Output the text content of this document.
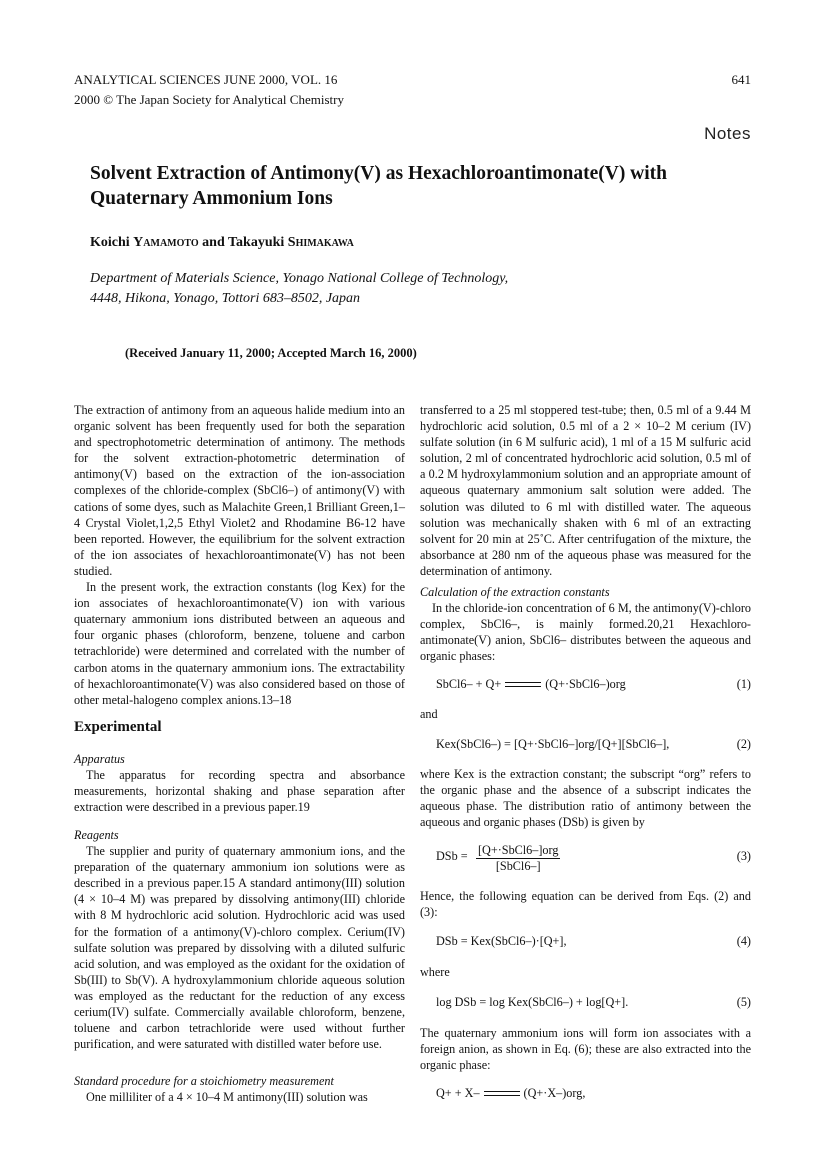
ANALYTICAL SCIENCES JUNE 2000, VOL. 16
2000 © The Japan Society for Analytical Chemistry
641
Notes
Solvent Extraction of Antimony(V) as Hexachloroantimonate(V) with
Quaternary Ammonium Ions
Koichi Yamamoto and Takayuki Shimakawa
Department of Materials Science, Yonago National College of Technology,
4448, Hikona, Yonago, Tottori 683–8502, Japan
(Received January 11, 2000; Accepted March 16, 2000)

The extraction of antimony from an aqueous halide medium into an organic solvent has been frequently used for both the separation and spectrophotometric determination of antimony. The methods for the solvent extraction-photometric determination of antimony(V) based on the extraction of the ion-association complexes of the chloride-complex (SbCl6–) of antimony(V) with cations of some dyes, such as Malachite Green,1 Brilliant Green,1–4 Crystal Violet,1,2,5 Ethyl Violet2 and Rhodamine B6-12 have been reported. However, the equilibrium for the solvent extraction of the ion associates of hexachloroantimonate(V) has not been studied.

In the present work, the extraction constants (log Kex) for the ion associates of hexachloroantimonate(V) ion with various quaternary ammonium ions distributed between an aqueous and four organic phases (chloroform, benzene, toluene and carbon tetrachloride) were determined and correlated with the number of carbon atoms in the quaternary ammonium ions. The extractability of hexachloroantimonate(V) was also considered based on those of other metal-halogeno complex anions.13–18

Experimental

Apparatus

The apparatus for recording spectra and absorbance measurements, horizontal shaking and phase separation after extraction were described in a previous paper.19

Reagents

The supplier and purity of quaternary ammonium ions, and the preparation of the quaternary ammonium ion solutions were as described in a previous paper.15 A standard antimony(III) solution (4 × 10–4 M) was prepared by dissolving antimony(III) chloride with 8 M hydrochloric acid solution. Hydrochloric acid was used for the formation of a antimony(V)-chloro complex. Cerium(IV) sulfate solution was prepared by dissolving with a diluted sulfuric acid solution, and was employed as the oxidant for the oxidation of Sb(III) to Sb(V). A hydroxylammonium chloride aqueous solution was employed as the reductant for the reduction of any excess cerium(IV) sulfate. Commercially available chloroform, benzene, toluene and carbon tetrachloride were used without further purification, and were saturated with distilled water before use.

Standard procedure for a stoichiometry measurement

One milliliter of a 4 × 10–4 M antimony(III) solution was

transferred to a 25 ml stoppered test-tube; then, 0.5 ml of a 9.44 M hydrochloric acid solution, 0.5 ml of a 2 × 10–2 M cerium (IV) sulfate solution (in 6 M sulfuric acid), 1 ml of a 15 M sulfuric acid solution, 2 ml of concentrated hydrochloric acid solution, 0.5 ml of a 0.2 M hydroxylammonium solution and an appropriate amount of aqueous quaternary ammonium salt solution were added. The solution was diluted to 6 ml with distilled water. The aqueous solution was mechanically shaken with 6 ml of an extracting solvent for 20 min at 25˚C. After centrifugation of the mixture, the absorbance at 280 nm of the aqueous phase was measured for the determination of antimony.

Calculation of the extraction constants

In the chloride-ion concentration of 6 M, the antimony(V)-chloro complex, SbCl6–, is mainly formed.20,21 Hexachloro-antimonate(V) anion, SbCl6– distributes between the aqueous and organic phases:

SbCl6– + Q+	(Q+·SbCl6–)org	(1)
and
Kex(SbCl6–) = [Q+·SbCl6–]org/[Q+][SbCl6–],	(2)
where Kex is the extraction constant; the subscript “org” refers to the organic phase and the absence of a subscript indicates the aqueous phase. The distribution ratio of antimony between the aqueous and organic phases (DSb) is given by
DSb = [Q+·SbCl6–]org
[SbCl6–]
(3)
Hence, the following equation can be derived from Eqs. (2) and (3):
DSb = Kex(SbCl6–)·[Q+],	(4)
where
log DSb = log Kex(SbCl6–) + log[Q+].	(5)
The quaternary ammonium ions will form ion associates with a foreign anion, as shown in Eq. (6); these are also extracted into the organic phase:
Q+ + X–	(Q+·X–)org,
